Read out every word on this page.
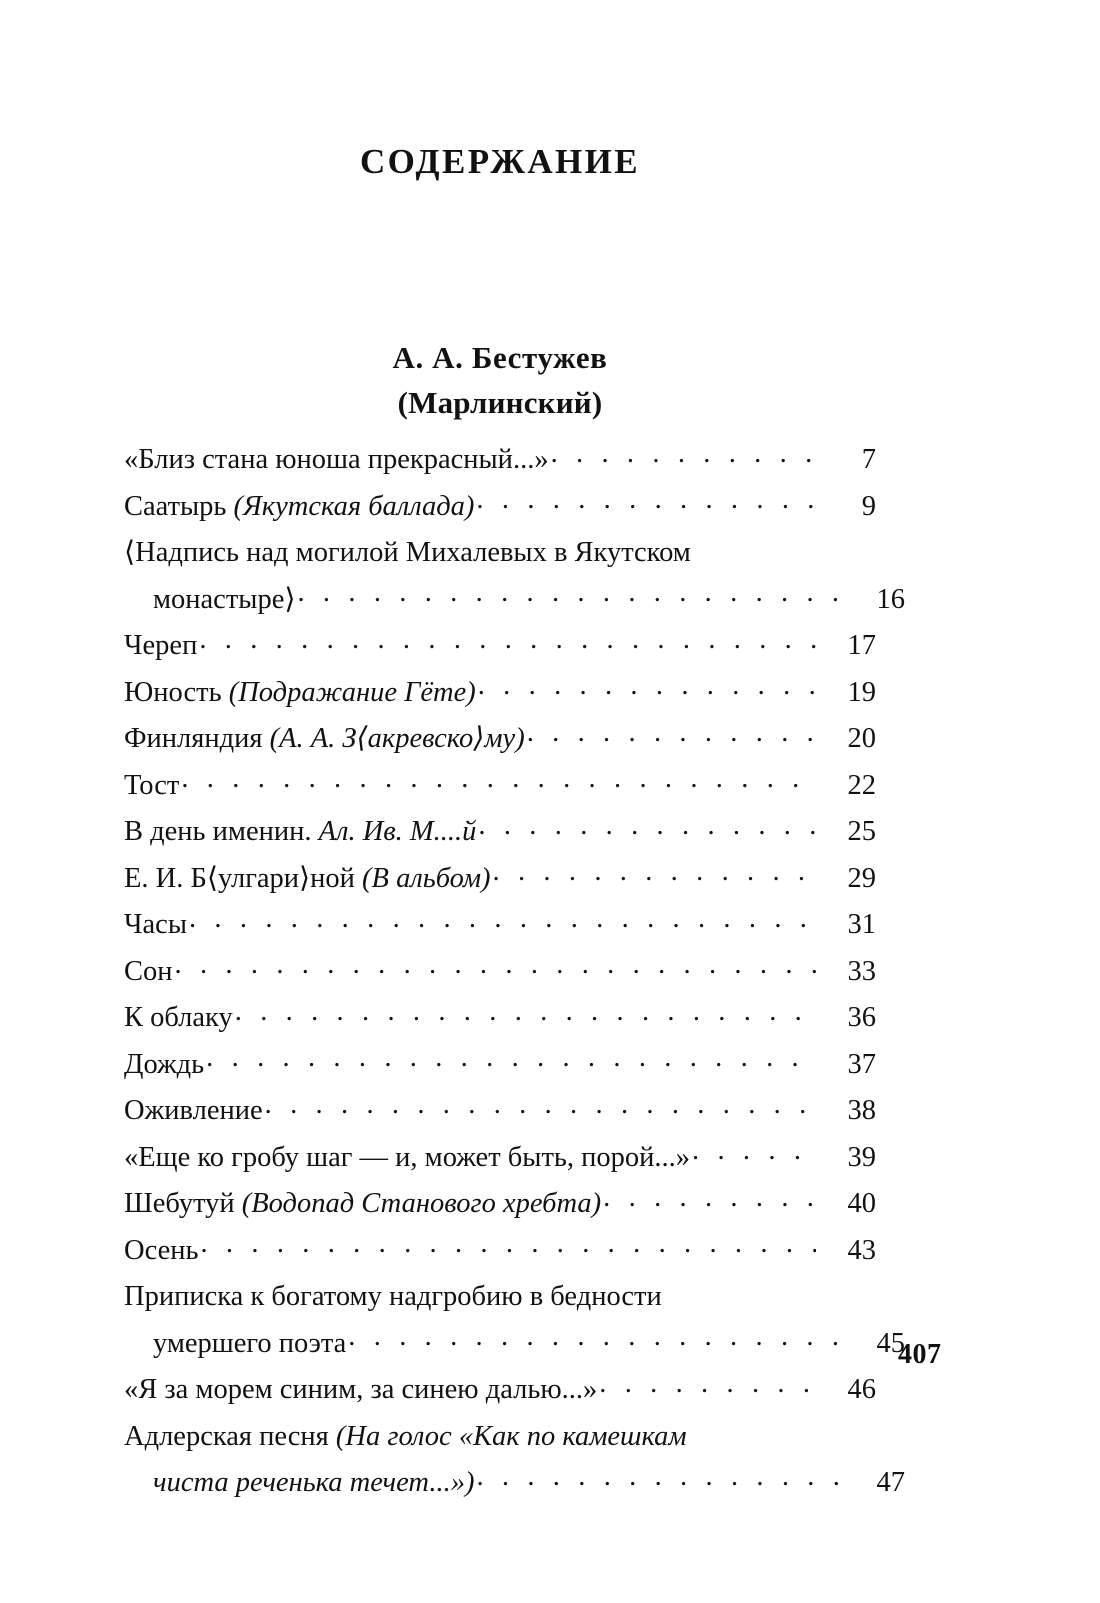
СОДЕРЖАНИЕ
А. А. Бестужев
(Марлинский)
«Близ стана юноша прекрасный...» . . .	7
Саатырь (Якутская баллада) . . .	9
⟨Надпись над могилой Михалевых в Якутском
монастыре⟩ . . .	16
Череп . . .	17
Юность (Подражание Гёте) . . .	19
Финляндия (А. А. З⟨акревско⟩му) . . .	20
Тост . . .	22
В день именин. Ал. Ив. М....й . . .	25
Е. И. Б⟨улгари⟩ной (В альбом) . . .	29
Часы . . .	31
Сон . . .	33
К облаку . . .	36
Дождь . . .	37
Оживление . . .	38
«Еще ко гробу шаг — и, может быть, порой...» . . .	39
Шебутуй (Водопад Станового хребта) . . .	40
Осень . . .	43
Приписка к богатому надгробию в бедности
умершего поэта . . .	45
«Я за морем синим, за синею далью...» . . .	46
Адлерская песня (На голос «Как по камешкам
чиста реченька течет...») . . .	47
407
